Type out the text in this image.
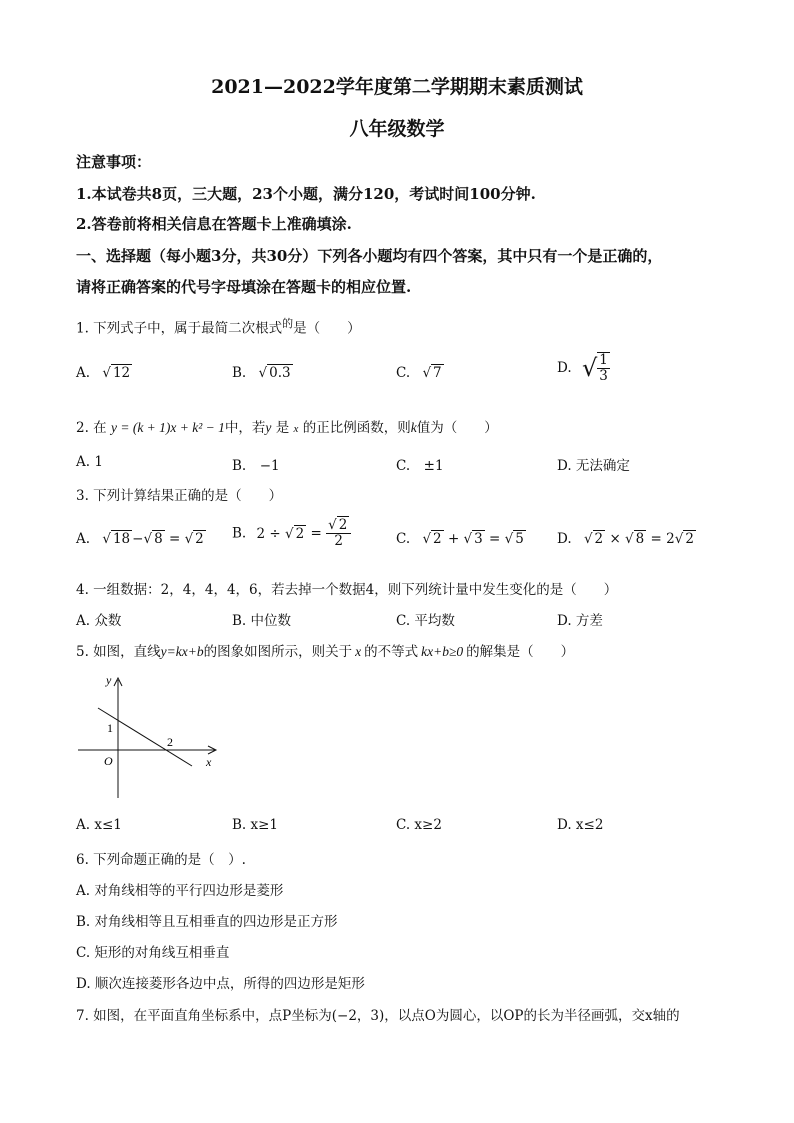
2021—2022学年度第二学期期末素质测试
八年级数学
注意事项：
1.本试卷共8页，三大题，23个小题，满分120，考试时间100分钟.
2.答卷前将相关信息在答题卡上准确填涂.
一、选择题（每小题3分，共30分）下列各小题均有四个答案，其中只有一个是正确的，
请将正确答案的代号字母填涂在答题卡的相应位置.
1. 下列式子中，属于最简二次根式$^的$是（　　）
A. √ 12	B. √ 0.3	C. √ 7	D. √ $\frac{1}{3}$
2. 在 y = (k + 1)x + k² − 1中，若y 是 x 的正比例函数，则k值为（　　）
A. 1	B.　−1	C.　±1	D. 无法确定
3. 下列计算结果正确的是（　　）
A. √ 18 −√ 8 = √ 2 B. 2 ÷ √ $2 = \frac{√ 2}{2}$	C. √ 2 + √ 3 = √ 5 D. √ 2 × √ 8 = 2√ 2
4. 一组数据：2，4，4，4，6，若去掉一个数据4，则下列统计量中发生变化的是（　　）
A. 众数	B. 中位数	C. 平均数	D. 方差
5. 如图，直线y=kx+b的图象如图所示，则关于 x 的不等式 kx+b≥0 的解集是（　　）
y
x
O
1
2
A. x≤1	B. x≥1	C. x≥2	D. x≤2
6. 下列命题正确的是（　）.
A. 对角线相等的平行四边形是菱形
B. 对角线相等且互相垂直的四边形是正方形
C. 矩形的对角线互相垂直
D. 顺次连接菱形各边中点，所得的四边形是矩形
7. 如图，在平面直角坐标系中，点P坐标为(−2，3)，以点O为圆心，以OP的长为半径画弧，交x轴的
